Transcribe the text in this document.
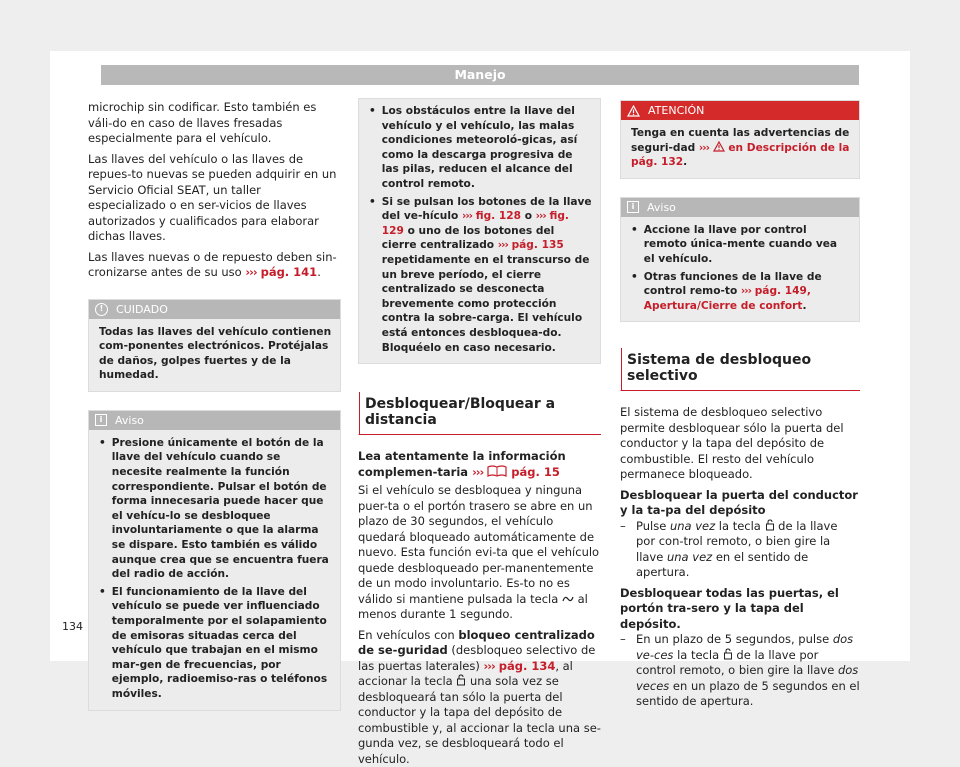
Manejo

microchip sin codificar. Esto también es váli-do en caso de llaves fresadas especialmente para el vehículo.

Las llaves del vehículo o las llaves de repues-to nuevas se pueden adquirir en un Servicio Oficial SEAT, un taller especializado o en ser-vicios de llaves autorizados y cualificados para elaborar dichas llaves.

Las llaves nuevas o de repuesto deben sin-cronizarse antes de su uso ››› pág. 141.

!	CUIDADO

Todas las llaves del vehículo contienen com-ponentes electrónicos. Protéjalas de daños, golpes fuertes y de la humedad.

i	Aviso
• Presione únicamente el botón de la llave del vehículo cuando se necesite realmente la función correspondiente. Pulsar el botón de forma innecesaria puede hacer que el vehícu-lo se desbloquee involuntariamente o que la alarma se dispare. Esto también es válido aunque crea que se encuentra fuera del radio de acción.

• El funcionamiento de la llave del vehículo se puede ver influenciado temporalmente por el solapamiento de emisoras situadas cerca del vehículo que trabajan en el mismo mar-gen de frecuencias, por ejemplo, radioemiso-ras o teléfonos móviles.

• Los obstáculos entre la llave del vehículo y el vehículo, las malas condiciones meteoroló-gicas, así como la descarga progresiva de las pilas, reducen el alcance del control remoto.

• Si se pulsan los botones de la llave del ve-hículo ››› fig. 128 o ››› fig. 129 o uno de los botones del cierre centralizado ››› pág. 135 repetidamente en el transcurso de un breve período, el cierre centralizado se desconecta brevemente como protección contra la sobre-carga. El vehículo está entonces desbloquea-do. Bloquéelo en caso necesario.

Desbloquear/Bloquear a distancia

Lea atentamente la información complemen-taria ›››  pág. 15

Si el vehículo se desbloquea y ninguna puer-ta o el portón trasero se abre en un plazo de 30 segundos, el vehículo quedará bloqueado automáticamente de nuevo. Esta función evi-ta que el vehículo quede desbloqueado per-manentemente de un modo involuntario. Es-to no es válido si mantiene pulsada la tecla  al menos durante 1 segundo.

En vehículos con bloqueo centralizado de se-guridad (desbloqueo selectivo de las puertas laterales) ››› pág. 134, al accionar la tecla  una sola vez se desbloqueará tan sólo la puerta del conductor y la tapa del depósito de combustible y, al accionar la tecla una se-gunda vez, se desbloqueará todo el vehículo.

ATENCIÓN

Tenga en cuenta las advertencias de seguri-dad ›››  en Descripción de la pág. 132.

i	Aviso
• Accione la llave por control remoto única-mente cuando vea el vehículo.

• Otras funciones de la llave de control remo-to ››› pág. 149, Apertura/Cierre de confort.

Sistema de desbloqueo selectivo

El sistema de desbloqueo selectivo permite desbloquear sólo la puerta del conductor y la tapa del depósito de combustible. El resto del vehículo permanece bloqueado.

Desbloquear la puerta del conductor y la ta-pa del depósito

– Pulse una vez la tecla  de la llave por con-trol remoto, o bien gire la llave una vez en el sentido de apertura.

Desbloquear todas las puertas, el portón tra-sero y la tapa del depósito.

– En un plazo de 5 segundos, pulse dos ve-ces la tecla  de la llave por control remoto, o bien gire la llave dos veces en un plazo de 5 segundos en el sentido de apertura.

134
